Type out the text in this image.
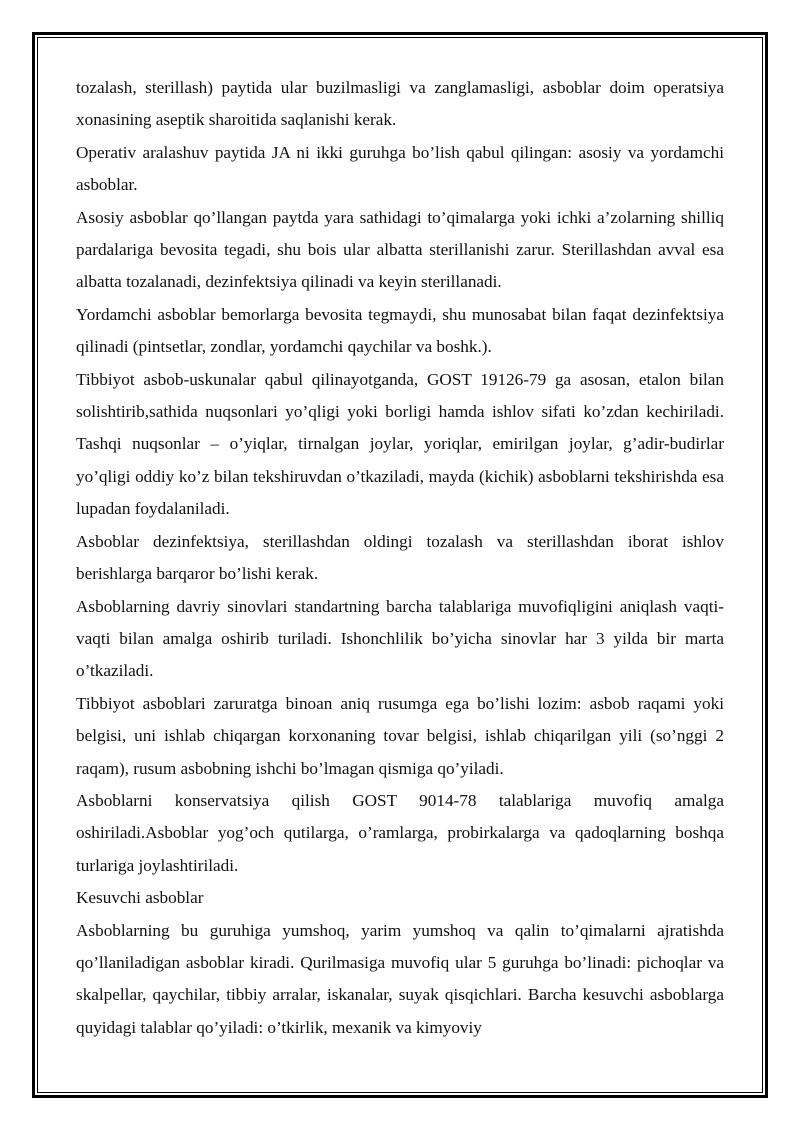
tozalash, sterillash) paytida ular buzilmasligi va zanglamasligi, asboblar doim operatsiya xonasining aseptik sharoitida saqlanishi kerak.

Operativ aralashuv paytida JA ni ikki guruhga bo’lish qabul qilingan: asosiy va yordamchi asboblar.

Asosiy asboblar qo’llangan paytda yara sathidagi to’qimalarga yoki ichki a’zolarning shilliq pardalariga bevosita tegadi, shu bois ular albatta sterillanishi zarur. Sterillashdan avval esa albatta tozalanadi, dezinfektsiya qilinadi va keyin sterillanadi.

Yordamchi asboblar bemorlarga bevosita tegmaydi, shu munosabat bilan faqat dezinfektsiya qilinadi (pintsetlar, zondlar, yordamchi qaychilar va boshk.).

Tibbiyot asbob-uskunalar qabul qilinayotganda, GOST 19126-79 ga asosan, etalon bilan solishtirib,sathida nuqsonlari yo’qligi yoki borligi hamda ishlov sifati ko’zdan kechiriladi. Tashqi nuqsonlar – o’yiqlar, tirnalgan joylar, yoriqlar, emirilgan joylar, g’adir-budirlar yo’qligi oddiy ko’z bilan tekshiruvdan o’tkaziladi, mayda (kichik) asboblarni tekshirishda esa lupadan foydalaniladi.

Asboblar dezinfektsiya, sterillashdan oldingi tozalash va sterillashdan iborat ishlov berishlarga barqaror bo’lishi kerak.

Asboblarning davriy sinovlari standartning barcha talablariga muvofiqligini aniqlash vaqti-vaqti bilan amalga oshirib turiladi. Ishonchlilik bo’yicha sinovlar har 3 yilda bir marta o’tkaziladi.

Tibbiyot asboblari zaruratga binoan aniq rusumga ega bo’lishi lozim: asbob raqami yoki belgisi, uni ishlab chiqargan korxonaning tovar belgisi, ishlab chiqarilgan yili (so’nggi 2 raqam), rusum asbobning ishchi bo’lmagan qismiga qo’yiladi.

Asboblarni konservatsiya qilish GOST 9014-78 talablariga muvofiq amalga oshiriladi.Asboblar yog’och qutilarga, o’ramlarga, probirkalarga va qadoqlarning boshqa turlariga joylashtiriladi.

Kesuvchi asboblar

Asboblarning bu guruhiga yumshoq, yarim yumshoq va qalin to’qimalarni ajratishda qo’llaniladigan asboblar kiradi. Qurilmasiga muvofiq ular 5 guruhga bo’linadi: pichoqlar va skalpellar, qaychilar, tibbiy arralar, iskanalar, suyak qisqichlari. Barcha kesuvchi asboblarga quyidagi talablar qo’yiladi: o’tkirlik, mexanik va kimyoviy
